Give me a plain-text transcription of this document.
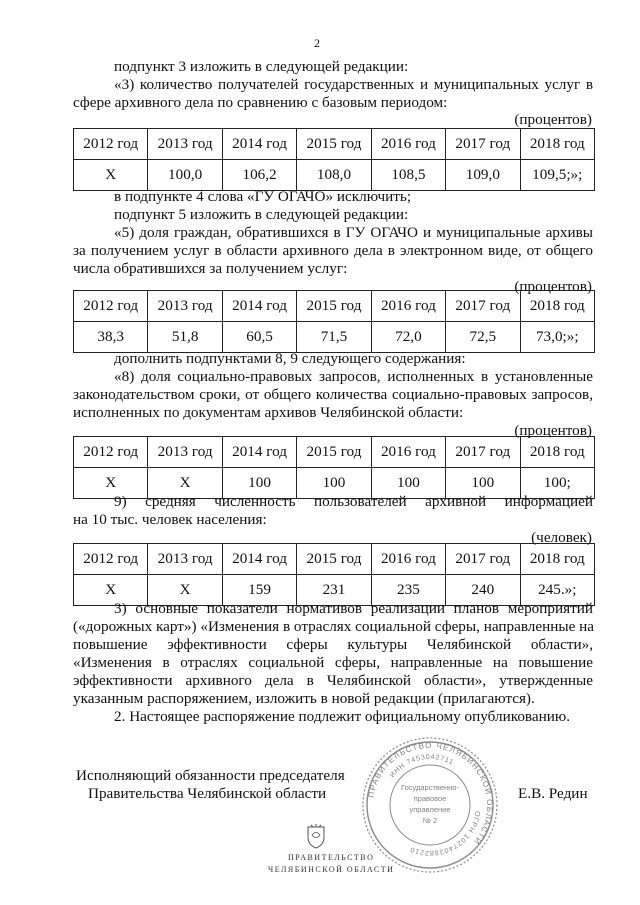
2
подпункт 3 изложить в следующей редакции:
«3) количество получателей государственных и муниципальных услуг в
сфере архивного дела по сравнению с базовым периодом:
(процентов)
2012 год	2013 год	2014 год	2015 год	2016 год	2017 год	2018 год
Х	100,0	106,2	108,0	108,5	109,0	109,5;»;
в подпункте 4 слова «ГУ ОГАЧО» исключить;
подпункт 5 изложить в следующей редакции:
«5) доля граждан, обратившихся в ГУ ОГАЧО и муниципальные архивы
за получением услуг в области архивного дела в электронном виде, от общего
числа обратившихся за получением услуг:
(процентов)
2012 год	2013 год	2014 год	2015 год	2016 год	2017 год	2018 год
38,3	51,8	60,5	71,5	72,0	72,5	73,0;»;
дополнить подпунктами 8, 9 следующего содержания:
«8) доля социально-правовых запросов, исполненных в установленные
законодательством сроки, от общего количества социально-правовых запросов,
исполненных по документам архивов Челябинской области:
(процентов)
2012 год	2013 год	2014 год	2015 год	2016 год	2017 год	2018 год
Х	Х	100	100	100	100	100;
9) средняя численность пользователей архивной информацией
на 10 тыс. человек населения:
(человек)
2012 год	2013 год	2014 год	2015 год	2016 год	2017 год	2018 год
Х	Х	159	231	235	240	245.»;
3) основные показатели нормативов реализации планов мероприятий
(«дорожных карт») «Изменения в отраслях социальной сферы, направленные на
повышение эффективности сферы культуры Челябинской области»,
«Изменения в отраслях социальной сферы, направленные на повышение
эффективности архивного дела в Челябинской области», утвержденные
указанным распоряжением, изложить в новой редакции (прилагаются).
2. Настоящее распоряжение подлежит официальному опубликованию.
Исполняющий обязанности председателя
Правительства Челябинской области	Е.В. Редин
ПРАВИТЕЛЬСТВО ЧЕЛЯБИНСКОЙ ОБЛАСТИ
ОГРН 1027403882210
ИНН 7453042711
Государственно-
правовое
управление
№ 2
ПРАВИТЕЛЬСТВО
ЧЕЛЯБИНСКОЙ ОБЛАСТИ
